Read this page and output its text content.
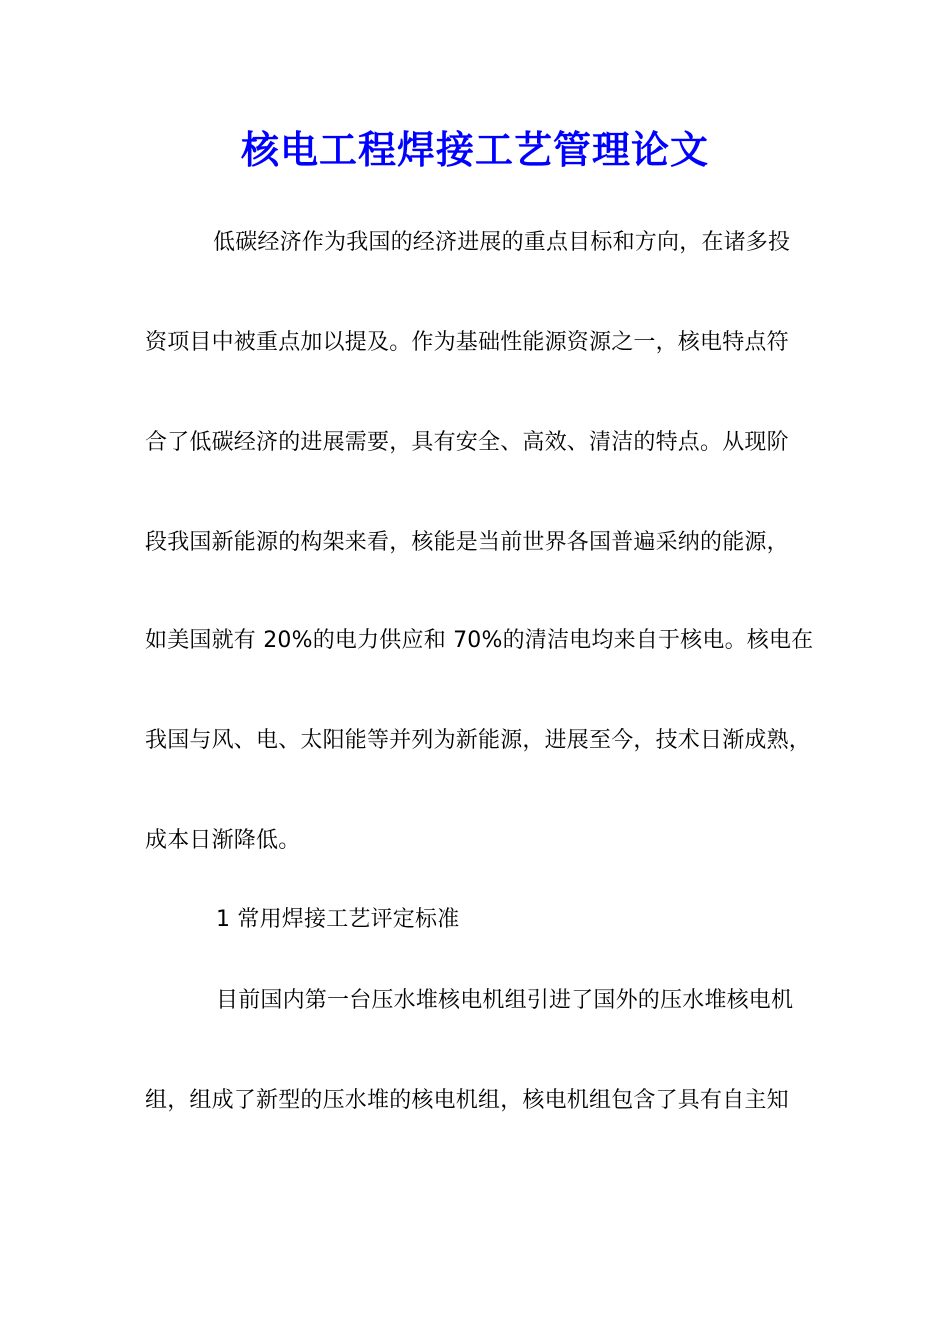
核电工程焊接工艺管理论文
低碳经济作为我国的经济进展的重点目标和方向，在诸多投
资项目中被重点加以提及。作为基础性能源资源之一，核电特点符
合了低碳经济的进展需要，具有安全、高效、清洁的特点。从现阶
段我国新能源的构架来看，核能是当前世界各国普遍采纳的能源，
如美国就有 20%的电力供应和 70%的清洁电均来自于核电。核电在
我国与风、电、太阳能等并列为新能源，进展至今，技术日渐成熟，
成本日渐降低。
1 常用焊接工艺评定标准
目前国内第一台压水堆核电机组引进了国外的压水堆核电机
组，组成了新型的压水堆的核电机组，核电机组包含了具有自主知
